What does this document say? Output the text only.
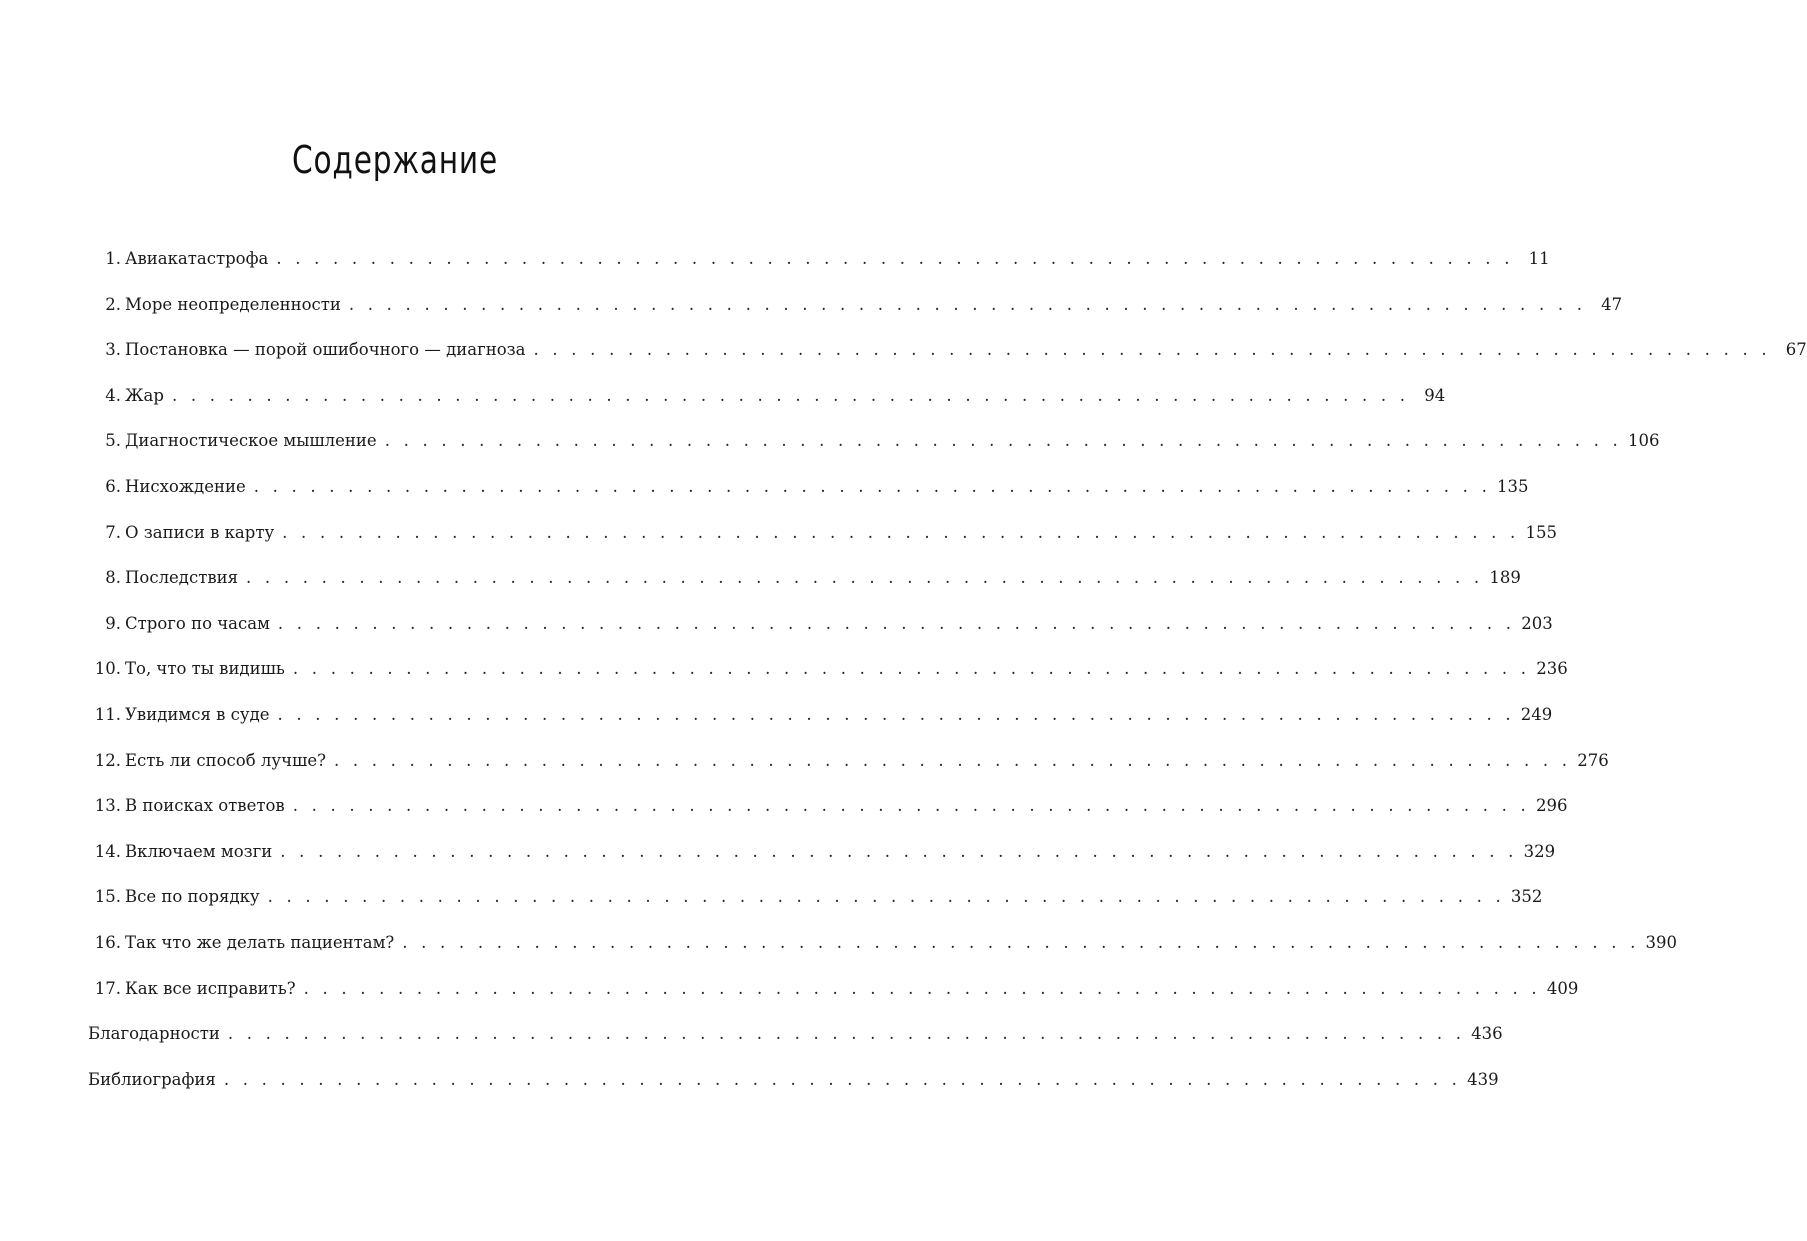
Содержание
1. Авиакатастрофа . . . . . . . . . . . . . . . . . . . . . . . . . . . . . . . . . . . . . . . . . . . . . . . . . . . . . . . . . . . . . . . . . . 11
2. Море неопределенности . . . . . . . . . . . . . . . . . . . . . . . . . . . . . . . . . . . . . . . . . . . . . . . . . . . . . . . . . . . . . . . . . . 47
3. Постановка — порой ошибочного — диагноза . . . . . . . . . . . . . . . . . . . . . . . . . . . . . . . . . . . . . . . . . . . . . . . . . . . . . . . . . . . . . . . . . . 67
4. Жар . . . . . . . . . . . . . . . . . . . . . . . . . . . . . . . . . . . . . . . . . . . . . . . . . . . . . . . . . . . . . . . . . . 94
5. Диагностическое мышление . . . . . . . . . . . . . . . . . . . . . . . . . . . . . . . . . . . . . . . . . . . . . . . . . . . . . . . . . . . . . . . . . . 106
6. Нисхождение . . . . . . . . . . . . . . . . . . . . . . . . . . . . . . . . . . . . . . . . . . . . . . . . . . . . . . . . . . . . . . . . . . 135
7. О записи в карту . . . . . . . . . . . . . . . . . . . . . . . . . . . . . . . . . . . . . . . . . . . . . . . . . . . . . . . . . . . . . . . . . . 155
8. Последствия . . . . . . . . . . . . . . . . . . . . . . . . . . . . . . . . . . . . . . . . . . . . . . . . . . . . . . . . . . . . . . . . . . 189
9. Строго по часам . . . . . . . . . . . . . . . . . . . . . . . . . . . . . . . . . . . . . . . . . . . . . . . . . . . . . . . . . . . . . . . . . . 203
10. То, что ты видишь . . . . . . . . . . . . . . . . . . . . . . . . . . . . . . . . . . . . . . . . . . . . . . . . . . . . . . . . . . . . . . . . . . 236
11. Увидимся в суде . . . . . . . . . . . . . . . . . . . . . . . . . . . . . . . . . . . . . . . . . . . . . . . . . . . . . . . . . . . . . . . . . . 249
12. Есть ли способ лучше? . . . . . . . . . . . . . . . . . . . . . . . . . . . . . . . . . . . . . . . . . . . . . . . . . . . . . . . . . . . . . . . . . . 276
13. В поисках ответов . . . . . . . . . . . . . . . . . . . . . . . . . . . . . . . . . . . . . . . . . . . . . . . . . . . . . . . . . . . . . . . . . . 296
14. Включаем мозги . . . . . . . . . . . . . . . . . . . . . . . . . . . . . . . . . . . . . . . . . . . . . . . . . . . . . . . . . . . . . . . . . . 329
15. Все по порядку . . . . . . . . . . . . . . . . . . . . . . . . . . . . . . . . . . . . . . . . . . . . . . . . . . . . . . . . . . . . . . . . . . 352
16. Так что же делать пациентам? . . . . . . . . . . . . . . . . . . . . . . . . . . . . . . . . . . . . . . . . . . . . . . . . . . . . . . . . . . . . . . . . . . 390
17. Как все исправить? . . . . . . . . . . . . . . . . . . . . . . . . . . . . . . . . . . . . . . . . . . . . . . . . . . . . . . . . . . . . . . . . . . 409
Благодарности . . . . . . . . . . . . . . . . . . . . . . . . . . . . . . . . . . . . . . . . . . . . . . . . . . . . . . . . . . . . . . . . . . 436
Библиография . . . . . . . . . . . . . . . . . . . . . . . . . . . . . . . . . . . . . . . . . . . . . . . . . . . . . . . . . . . . . . . . . . 439
